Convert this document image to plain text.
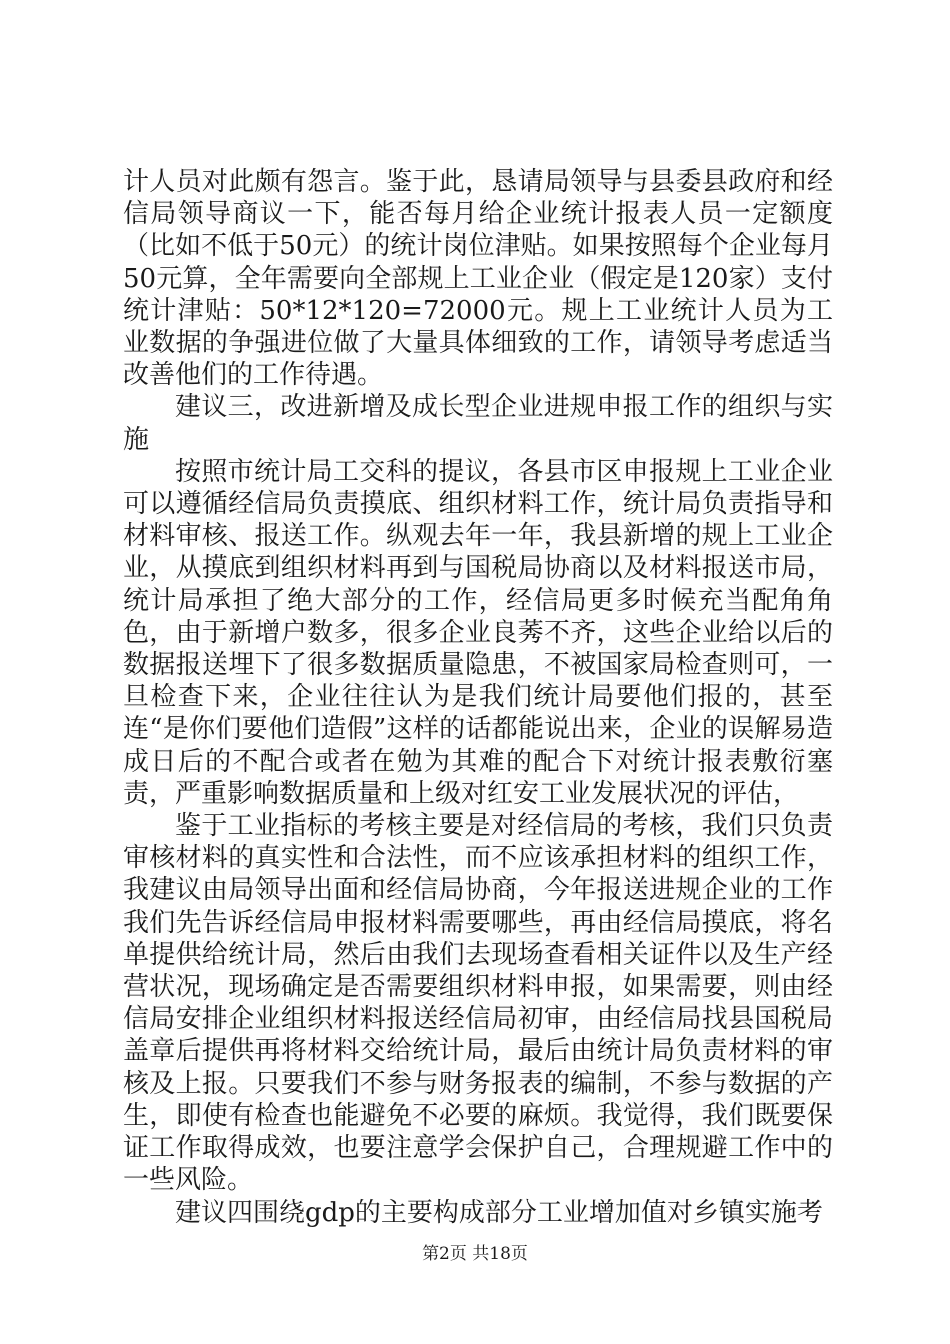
计人员对此颇有怨言。鉴于此，恳请局领导与县委县政府和经信局领导商议一下，能否每月给企业统计报表人员一定额度（比如不低于50元）的统计岗位津贴。如果按照每个企业每月50元算，全年需要向全部规上工业企业（假定是120家）支付统计津贴：50*12*120=72000元。规上工业统计人员为工业数据的争强进位做了大量具体细致的工作，请领导考虑适当改善他们的工作待遇。

建议三，改进新增及成长型企业进规申报工作的组织与实施

按照市统计局工交科的提议，各县市区申报规上工业企业可以遵循经信局负责摸底、组织材料工作，统计局负责指导和材料审核、报送工作。纵观去年一年，我县新增的规上工业企业，从摸底到组织材料再到与国税局协商以及材料报送市局，统计局承担了绝大部分的工作，经信局更多时候充当配角角色，由于新增户数多，很多企业良莠不齐，这些企业给以后的数据报送埋下了很多数据质量隐患，不被国家局检查则可，一旦检查下来，企业往往认为是我们统计局要他们报的，甚至连“是你们要他们造假”这样的话都能说出来，企业的误解易造成日后的不配合或者在勉为其难的配合下对统计报表敷衍塞责，严重影响数据质量和上级对红安工业发展状况的评估，

鉴于工业指标的考核主要是对经信局的考核，我们只负责审核材料的真实性和合法性，而不应该承担材料的组织工作，我建议由局领导出面和经信局协商，今年报送进规企业的工作我们先告诉经信局申报材料需要哪些，再由经信局摸底，将名单提供给统计局，然后由我们去现场查看相关证件以及生产经营状况，现场确定是否需要组织材料申报，如果需要，则由经信局安排企业组织材料报送经信局初审，由经信局找县国税局盖章后提供再将材料交给统计局，最后由统计局负责材料的审核及上报。只要我们不参与财务报表的编制，不参与数据的产生，即使有检查也能避免不必要的麻烦。我觉得，我们既要保证工作取得成效，也要注意学会保护自己，合理规避工作中的一些风险。

建议四围绕gdp的主要构成部分工业增加值对乡镇实施考

第2页 共18页
